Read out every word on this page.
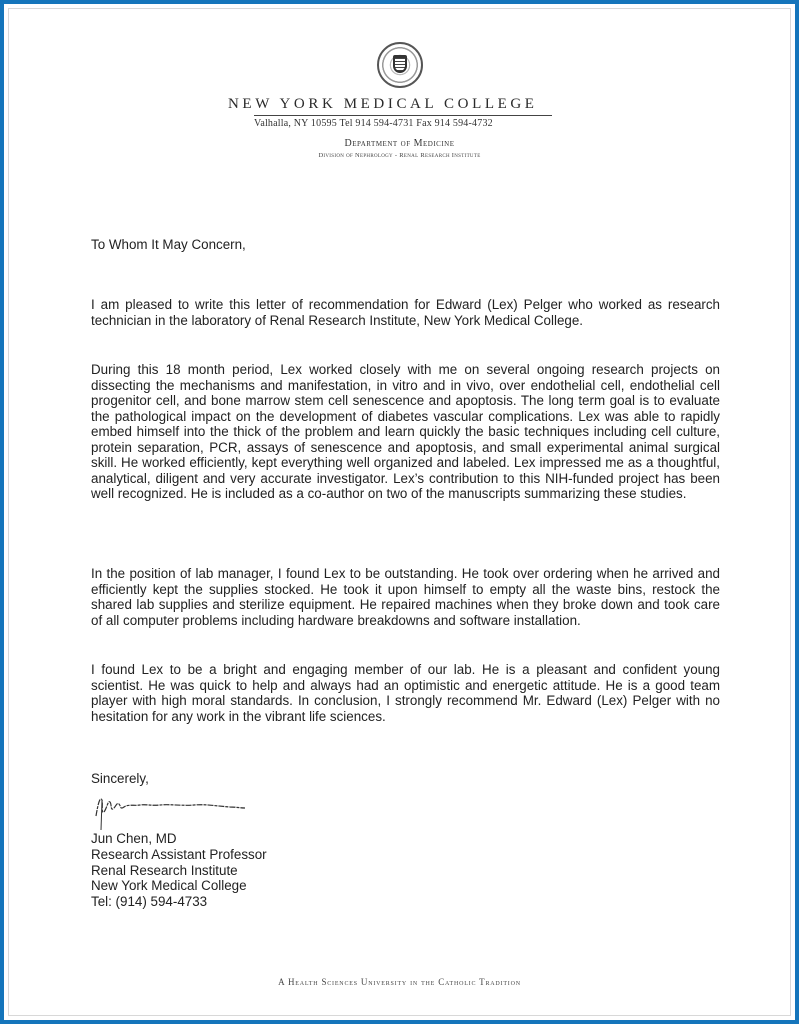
NEW YORK MEDICAL COLLEGE
Valhalla, NY 10595 Tel 914 594-4731 Fax 914 594-4732
Department of Medicine
Division of Nephrology - Renal Research Institute
To Whom It May Concern,
I am pleased to write this letter of recommendation for Edward (Lex) Pelger who worked as research technician in the laboratory of Renal Research Institute, New York Medical College.
During this 18 month period, Lex worked closely with me on several ongoing research projects on dissecting the mechanisms and manifestation, in vitro and in vivo, over endothelial cell, endothelial cell progenitor cell, and bone marrow stem cell senescence and apoptosis. The long term goal is to evaluate the pathological impact on the development of diabetes vascular complications. Lex was able to rapidly embed himself into the thick of the problem and learn quickly the basic techniques including cell culture, protein separation, PCR, assays of senescence and apoptosis, and small experimental animal surgical skill. He worked efficiently, kept everything well organized and labeled. Lex impressed me as a thoughtful, analytical, diligent and very accurate investigator. Lex’s contribution to this NIH-funded project has been well recognized. He is included as a co-author on two of the manuscripts summarizing these studies.
In the position of lab manager, I found Lex to be outstanding. He took over ordering when he arrived and efficiently kept the supplies stocked. He took it upon himself to empty all the waste bins, restock the shared lab supplies and sterilize equipment. He repaired machines when they broke down and took care of all computer problems including hardware breakdowns and software installation.
I found Lex to be a bright and engaging member of our lab. He is a pleasant and confident young scientist. He was quick to help and always had an optimistic and energetic attitude. He is a good team player with high moral standards. In conclusion, I strongly recommend Mr. Edward (Lex) Pelger with no hesitation for any work in the vibrant life sciences.
Sincerely,
Jun Chen, MD
Research Assistant Professor
Renal Research Institute
New York Medical College
Tel: (914) 594-4733
A Health Sciences University in the Catholic Tradition
